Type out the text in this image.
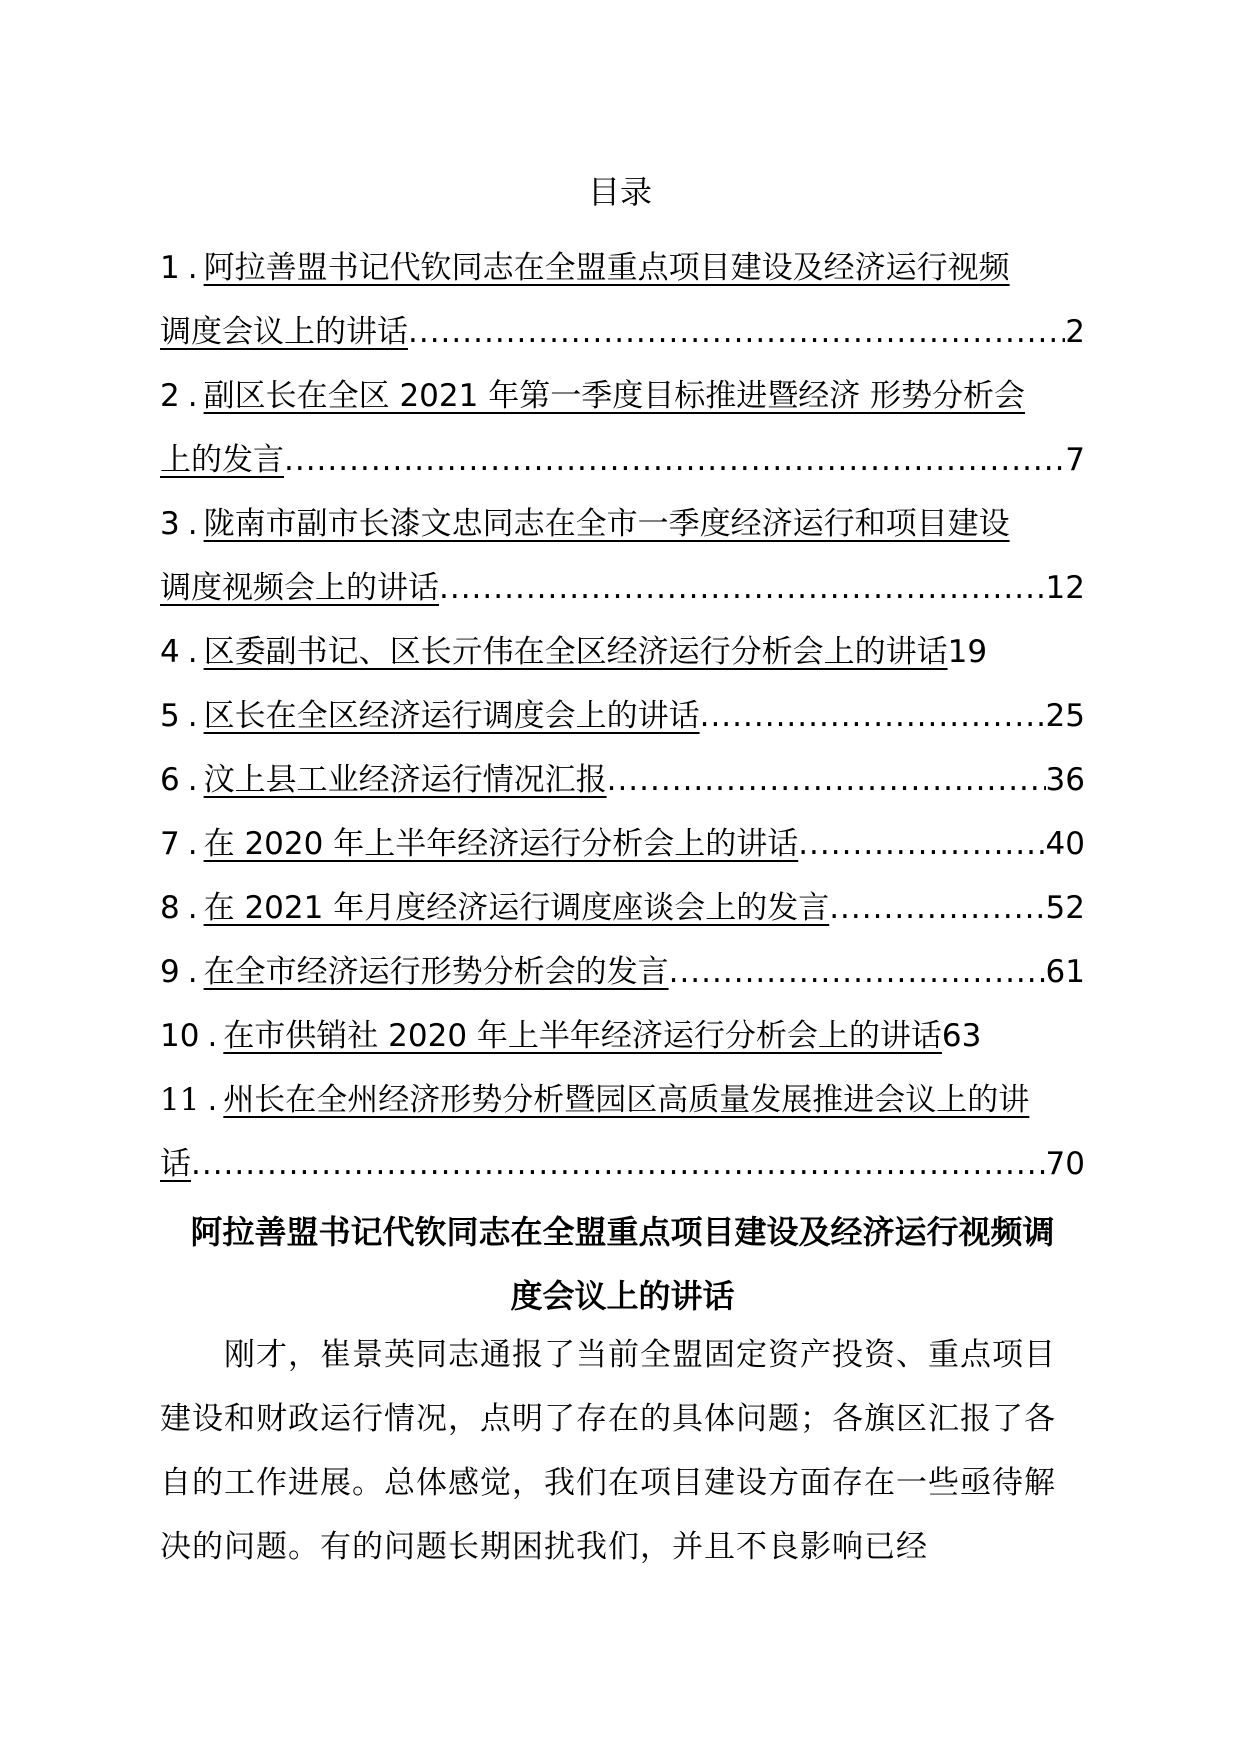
目录
1 . 阿拉善盟书记代钦同志在全盟重点项目建设及经济运行视频
调度会议上的讲话 .....	2
2 . 副区长在全区 2021 年第一季度目标推进暨经济 形势分析会
上的发言 .....	7
3 . 陇南市副市长漆文忠同志在全市一季度经济运行和项目建设
调度视频会上的讲话 .....	12
4 . 区委副书记、区长亓伟在全区经济运行分析会上的讲话 19
5 . 区长在全区经济运行调度会上的讲话 .....	25
6 . 汶上县工业经济运行情况汇报 .....	36
7 . 在 2020 年上半年经济运行分析会上的讲话 .....	40
8 . 在 2021 年月度经济运行调度座谈会上的发言 .....	52
9 . 在全市经济运行形势分析会的发言 .....	61
10 . 在市供销社 2020 年上半年经济运行分析会上的讲话 63
11 . 州长在全州经济形势分析暨园区高质量发展推进会议上的讲
话 .....	70
阿拉善盟书记代钦同志在全盟重点项目建设及经济运行视频调
度会议上的讲话

刚才，崔景英同志通报了当前全盟固定资产投资、重点项目建设和财政运行情况，点明了存在的具体问题；各旗区汇报了各自的工作进展。总体感觉，我们在项目建设方面存在一些亟待解决的问题。有的问题长期困扰我们，并且不良影响已经
